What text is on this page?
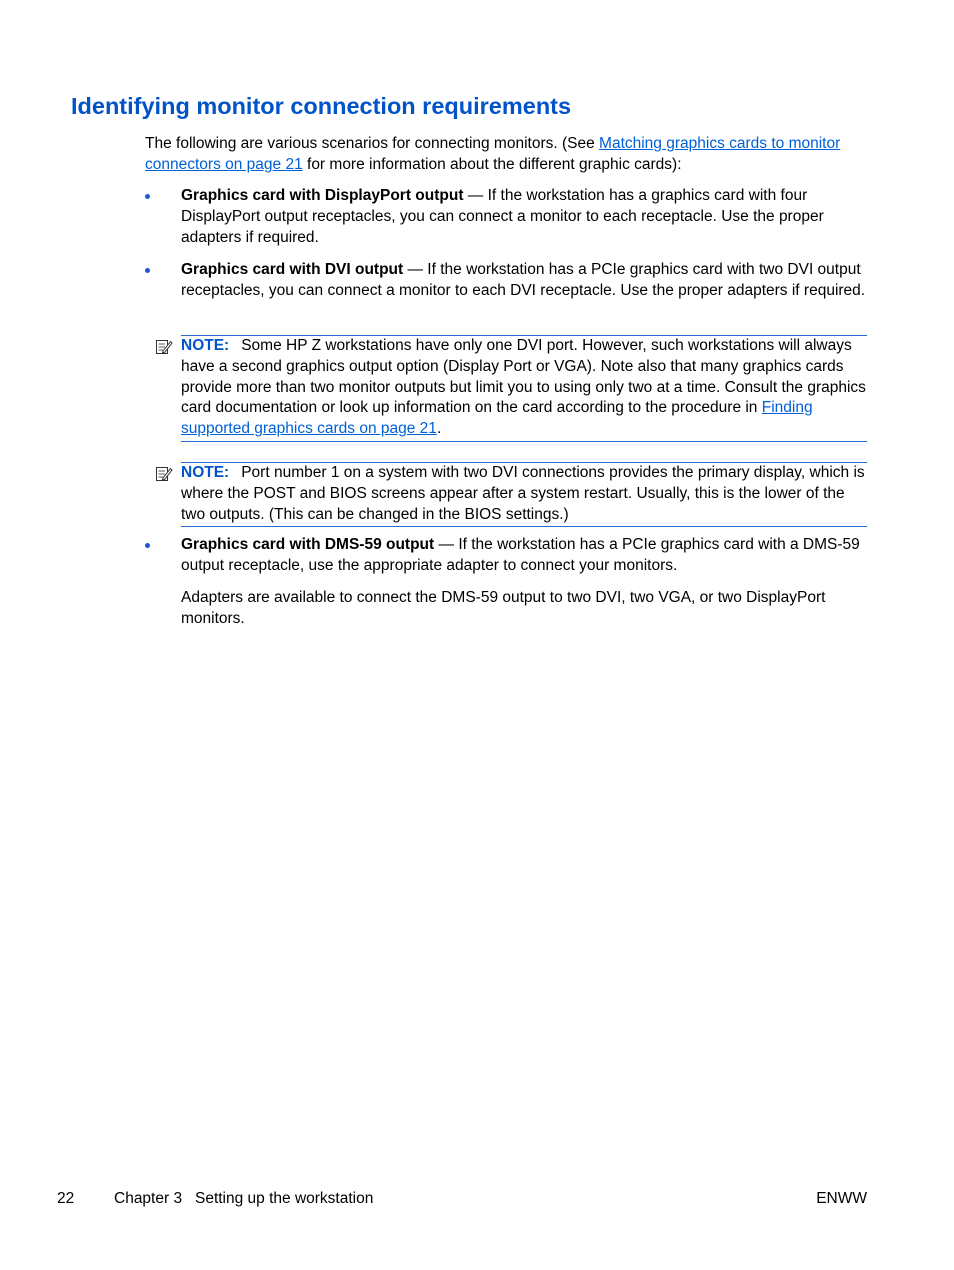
Identifying monitor connection requirements

The following are various scenarios for connecting monitors. (See Matching graphics cards to monitor connectors on page 21 for more information about the different graphic cards):

Graphics card with DisplayPort output — If the workstation has a graphics card with four DisplayPort output receptacles, you can connect a monitor to each receptacle. Use the proper adapters if required.
Graphics card with DVI output — If the workstation has a PCIe graphics card with two DVI output receptacles, you can connect a monitor to each DVI receptacle. Use the proper adapters if required.
NOTE: Some HP Z workstations have only one DVI port. However, such workstations will always have a second graphics output option (Display Port or VGA). Note also that many graphics cards provide more than two monitor outputs but limit you to using only two at a time. Consult the graphics card documentation or look up information on the card according to the procedure in Finding supported graphics cards on page 21.
NOTE: Port number 1 on a system with two DVI connections provides the primary display, which is where the POST and BIOS screens appear after a system restart. Usually, this is the lower of the two outputs. (This can be changed in the BIOS settings.)
Graphics card with DMS-59 output — If the workstation has a PCIe graphics card with a DMS-59 output receptacle, use the appropriate adapter to connect your monitors.

Adapters are available to connect the DMS-59 output to two DVI, two VGA, or two DisplayPort monitors.

22	Chapter 3   Setting up the workstation	ENWW
